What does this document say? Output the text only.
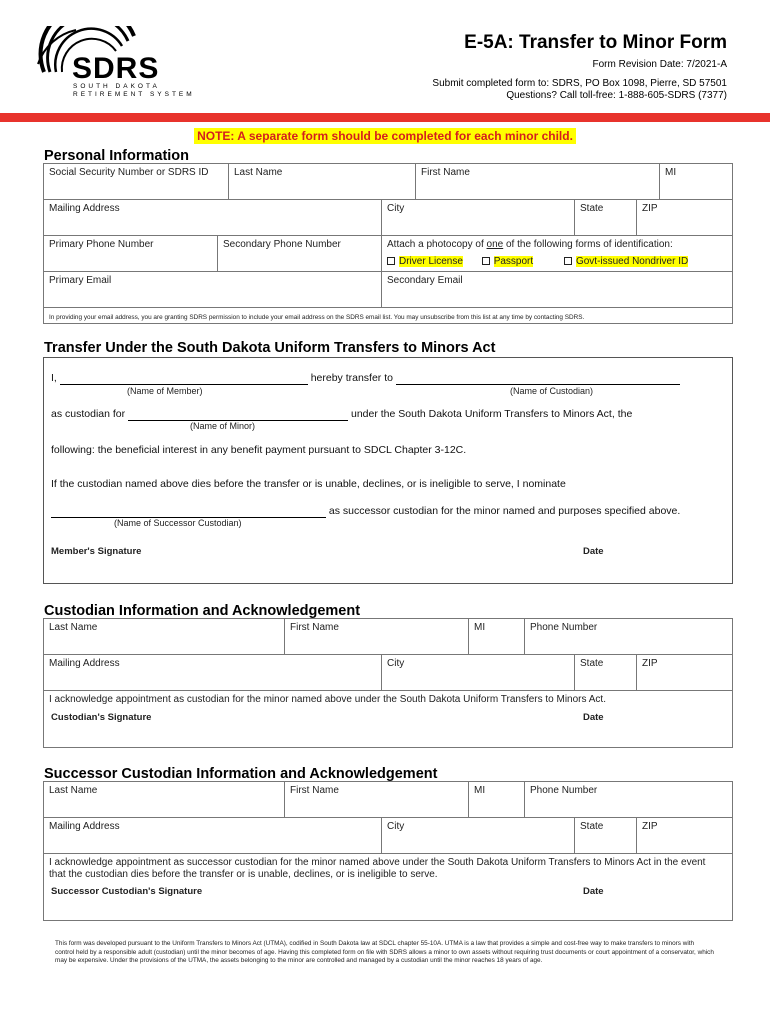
SDRS
SOUTH DAKOTA
RETIREMENT SYSTEM
E-5A: Transfer to Minor Form
Form Revision Date: 7/2021-A
Submit completed form to: SDRS, PO Box 1098, Pierre, SD 57501
Questions? Call toll-free: 1-888-605-SDRS (7377)
NOTE: A separate form should be completed for each minor child.
Personal Information
Social Security Number or SDRS ID	Last Name	First Name	MI
Mailing Address	City	State	ZIP
Primary Phone Number	Secondary Phone Number	Attach a photocopy of one of the following forms of identification:
Driver License	Passport	Govt-issued Nondriver ID
Primary Email	Secondary Email
In providing your email address, you are granting SDRS permission to include your email address on the SDRS email list. You may unsubscribe from this list at any time by contacting SDRS.
Transfer Under the South Dakota Uniform Transfers to Minors Act
I,	hereby transfer to
(Name of Member)	(Name of Custodian)
as custodian for	under the South Dakota Uniform Transfers to Minors Act, the
(Name of Minor)
following: the beneficial interest in any benefit payment pursuant to SDCL Chapter 3-12C.
If the custodian named above dies before the transfer or is unable, declines, or is ineligible to serve, I nominate
as successor custodian for the minor named and purposes specified above.
(Name of Successor Custodian)
Member's Signature	Date
Custodian Information and Acknowledgement
Last Name	First Name	MI	Phone Number
Mailing Address	City	State	ZIP
I acknowledge appointment as custodian for the minor named above under the South Dakota Uniform Transfers to Minors Act.
Custodian's Signature	Date
Successor Custodian Information and Acknowledgement
Last Name	First Name	MI	Phone Number
Mailing Address	City	State	ZIP
I acknowledge appointment as successor custodian for the minor named above under the South Dakota Uniform Transfers to Minors Act in the event
that the custodian dies before the transfer or is unable, declines, or is ineligible to serve.
Successor Custodian's Signature	Date
This form was developed pursuant to the Uniform Transfers to Minors Act (UTMA), codified in South Dakota law at SDCL chapter 55-10A. UTMA is a law that provides a simple and cost-free way to make transfers to minors with control held by a responsible adult (custodian) until the minor becomes of age. Having this completed form on file with SDRS allows a minor to own assets without requiring trust documents or court appointment of a conservator, which may be expensive. Under the provisions of the UTMA, the assets belonging to the minor are controlled and managed by a custodian until the minor reaches 18 years of age.
